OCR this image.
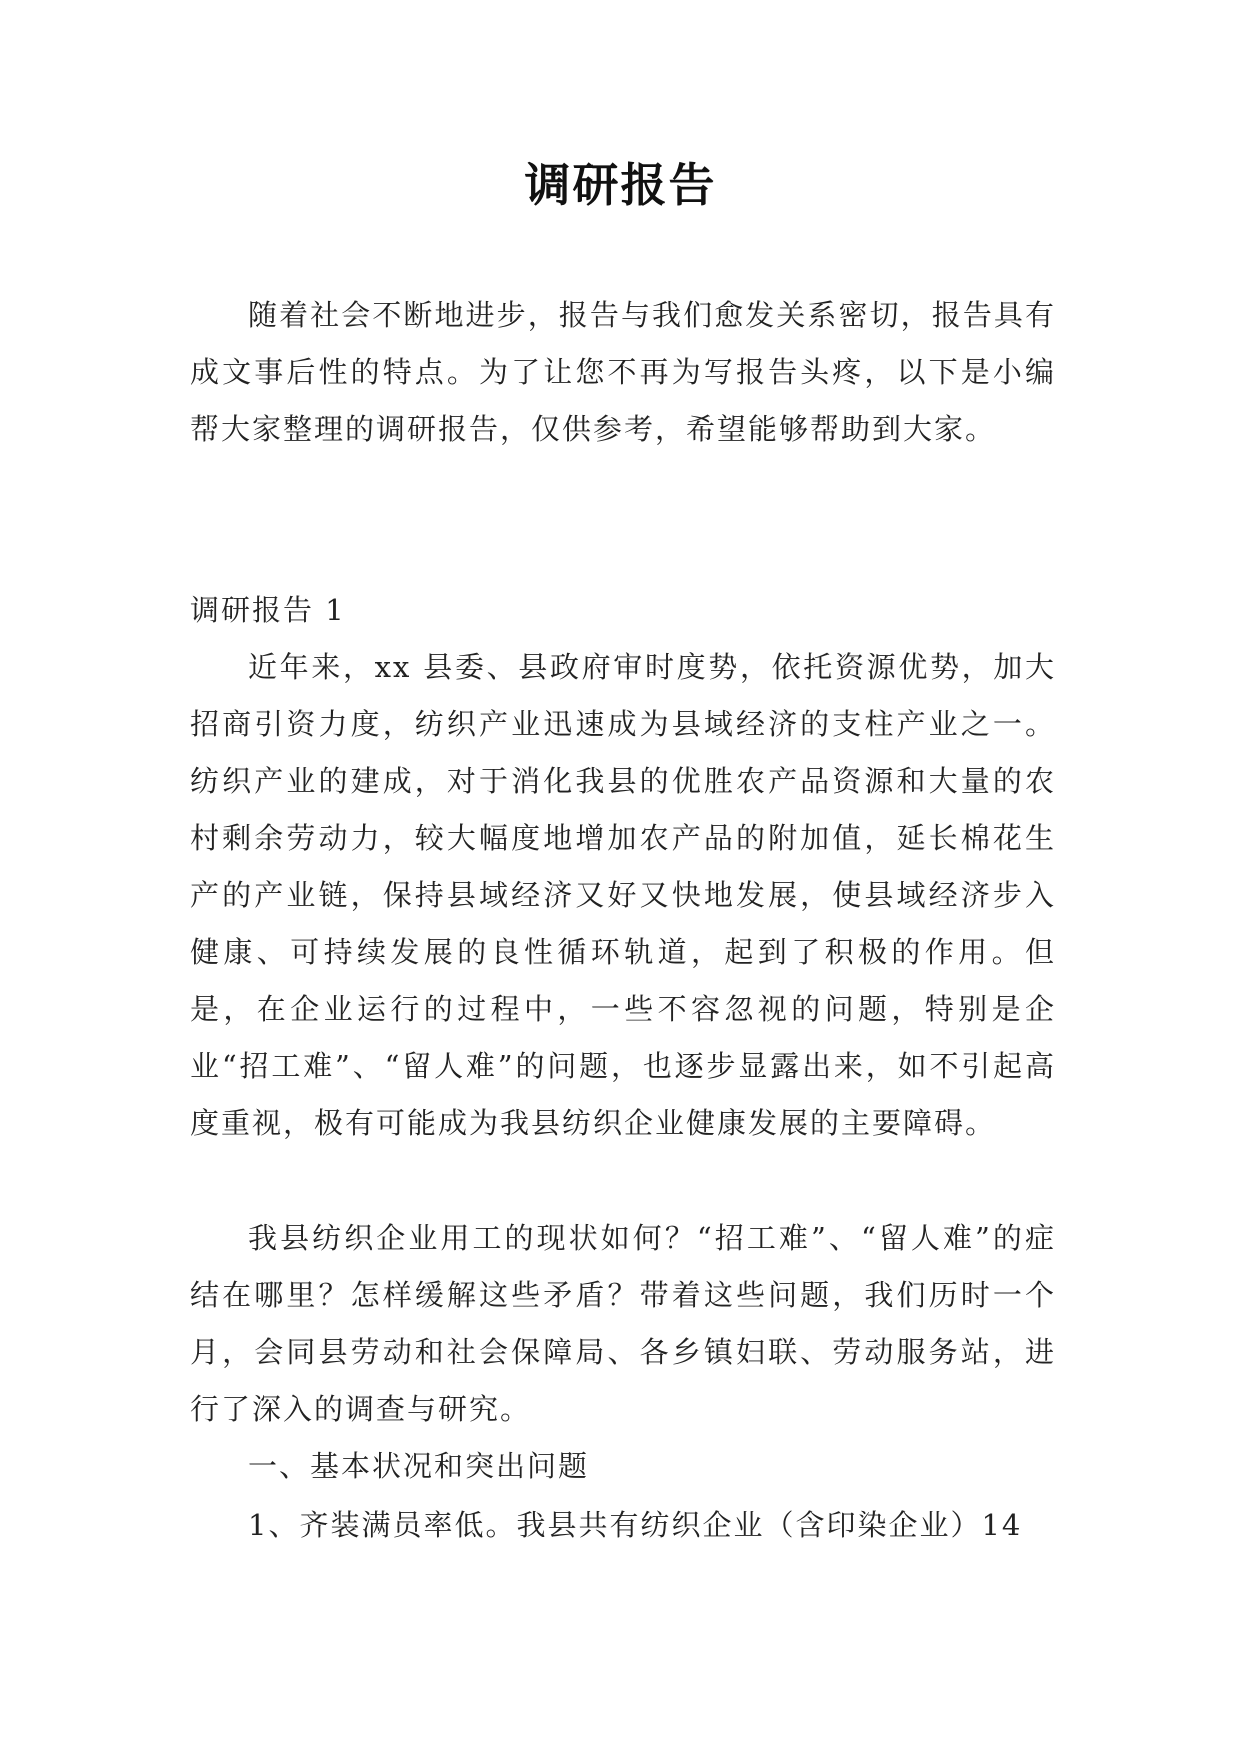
调研报告

随着社会不断地进步，报告与我们愈发关系密切，报告具有成文事后性的特点。为了让您不再为写报告头疼，以下是小编帮大家整理的调研报告，仅供参考，希望能够帮助到大家。

调研报告 1

近年来，xx 县委、县政府审时度势，依托资源优势，加大招商引资力度，纺织产业迅速成为县域经济的支柱产业之一。纺织产业的建成，对于消化我县的优胜农产品资源和大量的农村剩余劳动力，较大幅度地增加农产品的附加值，延长棉花生产的产业链，保持县域经济又好又快地发展，使县域经济步入健康、可持续发展的良性循环轨道，起到了积极的作用。但是，在企业运行的过程中，一些不容忽视的问题，特别是企业“招工难”、“留人难”的问题，也逐步显露出来，如不引起高度重视，极有可能成为我县纺织企业健康发展的主要障碍。

我县纺织企业用工的现状如何？“招工难”、“留人难”的症结在哪里？怎样缓解这些矛盾？带着这些问题，我们历时一个月，会同县劳动和社会保障局、各乡镇妇联、劳动服务站，进行了深入的调查与研究。

一、基本状况和突出问题

1、齐装满员率低。我县共有纺织企业（含印染企业）14
